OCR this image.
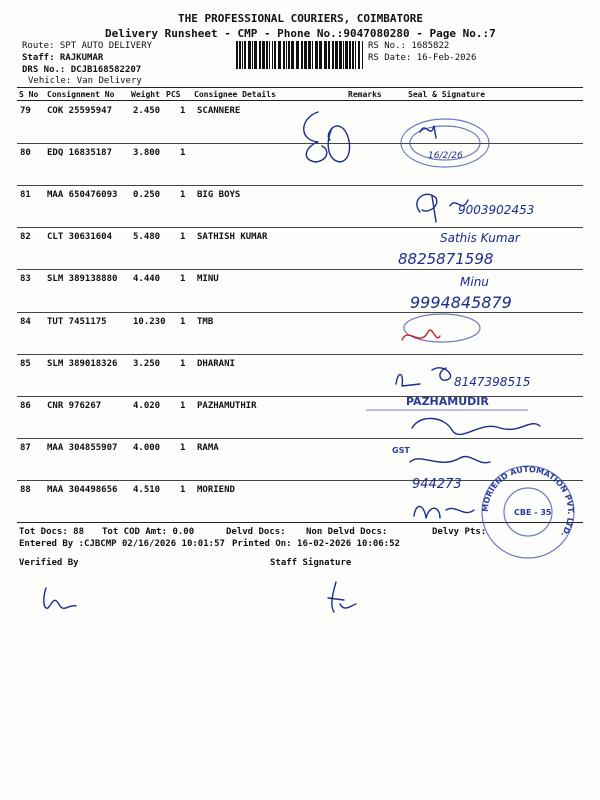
THE PROFESSIONAL COURIERS, COIMBATORE
Delivery Runsheet - CMP - Phone No.:9047080280 - Page No.:7
Route: SPT AUTO DELIVERY
Staff: RAJKUMAR
DRS No.: DCJB168582207
Vehicle: Van Delivery
RS No.: 1685822
RS Date: 16-Feb-2026
S No Consignment No Weight PCS Consignee Details	Remarks	Seal & Signature
79 COK 25595947 2.450 1 SCANNERE
80 EDQ 16835187 3.800 1
81 MAA 650476093 0.250 1 BIG BOYS
82 CLT 30631604 5.480 1 SATHISH KUMAR
83 SLM 389138880 4.440 1 MINU
84 TUT 7451175	10.230 1 TMB
85 SLM 389018326 3.250 1 DHARANI
86 CNR 976267	4.020 1 PAZHAMUTHIR
87 MAA 304855907 4.000 1 RAMA
88 MAA 304498656 4.510 1 MORIEND
Tot Docs: 88 Tot COD Amt: 0.00	Delvd Docs: Non Delvd Docs:	Delvy Pts:
Entered By :CJBCMP 02/16/2026 10:01:57 Printed On: 16-02-2026 10:06:52
Verified By	Staff Signature
16/2/26
9003902453
Sathis Kumar
8825871598
Minu
9994845879
8147398515
PAZHAMUDIR
GST
944273
MORIEND AUTOMATION PVT. LTD.
CBE - 35
